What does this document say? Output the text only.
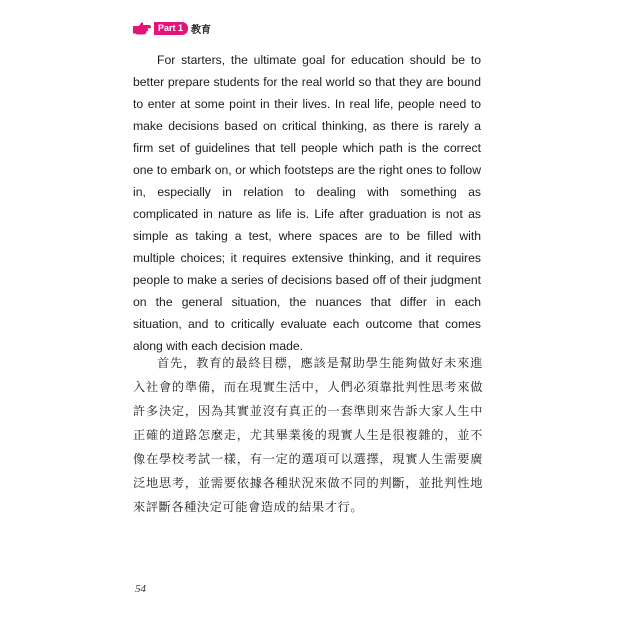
Part 1 教育

For starters, the ultimate goal for education should be to better prepare students for the real world so that they are bound to enter at some point in their lives. In real life, people need to make decisions based on critical thinking, as there is rarely a firm set of guidelines that tell people which path is the correct one to embark on, or which footsteps are the right ones to follow in, especially in relation to dealing with something as complicated in nature as life is. Life after graduation is not as simple as taking a test, where spaces are to be filled with multiple choices; it requires extensive thinking, and it requires people to make a series of decisions based off of their judgment on the general situation, the nuances that differ in each situation, and to critically evaluate each outcome that comes along with each decision made.

首先，教育的最終目標，應該是幫助學生能夠做好未來進入社會的準備，而在現實生活中，人們必須靠批判性思考來做許多決定，因為其實並沒有真正的一套準則來告訴大家人生中正確的道路怎麼走，尤其畢業後的現實人生是很複雜的，並不像在學校考試一樣，有一定的選項可以選擇，現實人生需要廣泛地思考，並需要依據各種狀況來做不同的判斷，並批判性地來評斷各種決定可能會造成的結果才行。

54
